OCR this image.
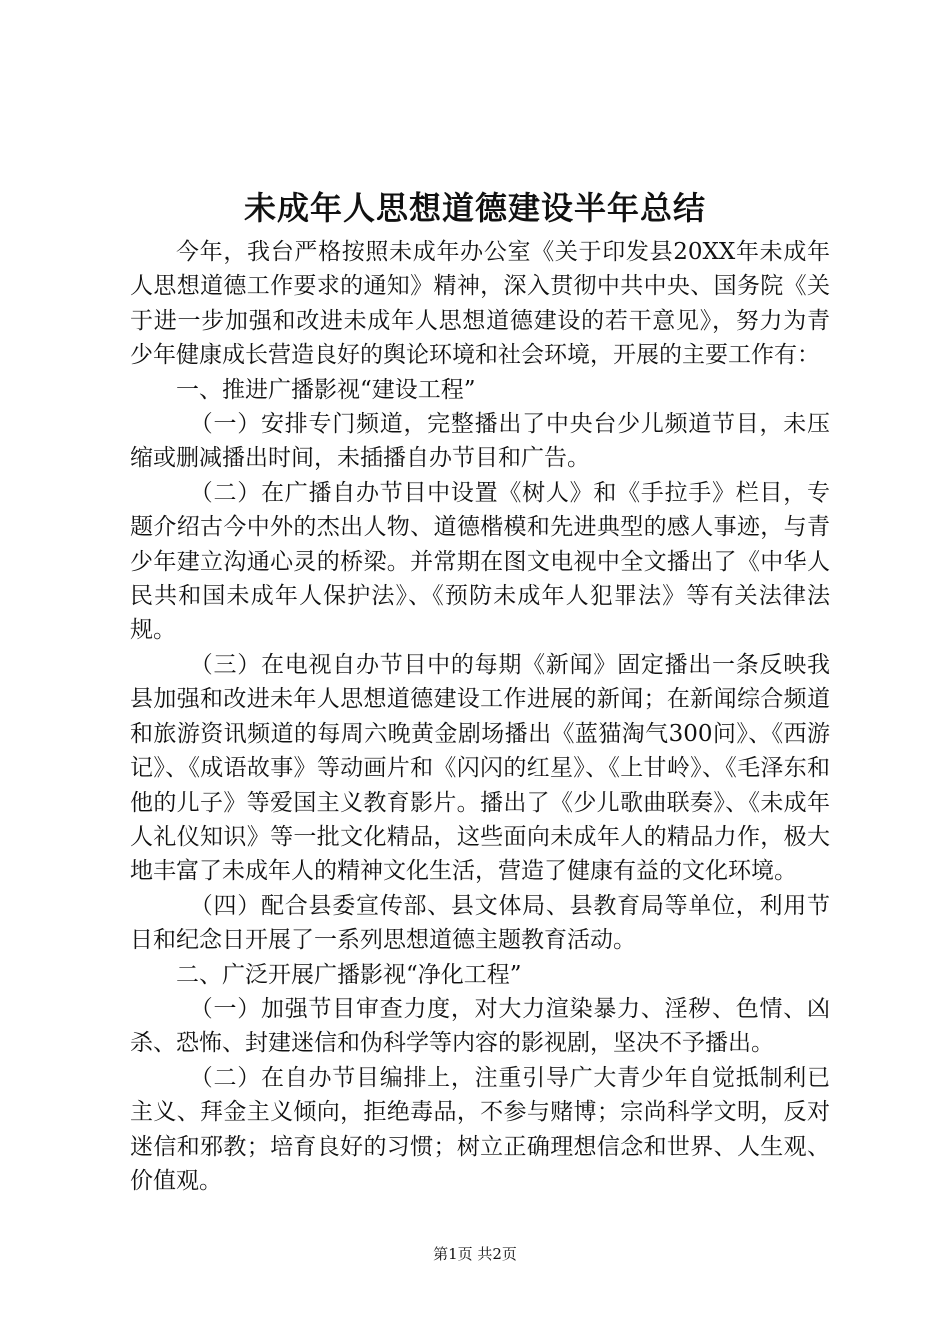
未成年人思想道德建设半年总结

今年，我台严格按照未成年办公室《关于印发县20XX年未成年人思想道德工作要求的通知》精神，深入贯彻中共中央、国务院《关于进一步加强和改进未成年人思想道德建设的若干意见》，努力为青少年健康成长营造良好的舆论环境和社会环境，开展的主要工作有：

一、推进广播影视“建设工程”

（一）安排专门频道，完整播出了中央台少儿频道节目，未压缩或删减播出时间，未插播自办节目和广告。

（二）在广播自办节目中设置《树人》和《手拉手》栏目，专题介绍古今中外的杰出人物、道德楷模和先进典型的感人事迹，与青少年建立沟通心灵的桥梁。并常期在图文电视中全文播出了《中华人民共和国未成年人保护法》、《预防未成年人犯罪法》等有关法律法规。

（三）在电视自办节目中的每期《新闻》固定播出一条反映我县加强和改进未年人思想道德建设工作进展的新闻；在新闻综合频道和旅游资讯频道的每周六晚黄金剧场播出《蓝猫淘气300问》、《西游记》、《成语故事》等动画片和《闪闪的红星》、《上甘岭》、《毛泽东和他的儿子》等爱国主义教育影片。播出了《少儿歌曲联奏》、《未成年人礼仪知识》等一批文化精品，这些面向未成年人的精品力作，极大地丰富了未成年人的精神文化生活，营造了健康有益的文化环境。

（四）配合县委宣传部、县文体局、县教育局等单位，利用节日和纪念日开展了一系列思想道德主题教育活动。

二、广泛开展广播影视“净化工程”

（一）加强节目审查力度，对大力渲染暴力、淫秽、色情、凶杀、恐怖、封建迷信和伪科学等内容的影视剧，坚决不予播出。

（二）在自办节目编排上，注重引导广大青少年自觉抵制利已主义、拜金主义倾向，拒绝毒品，不参与赌博；宗尚科学文明，反对迷信和邪教；培育良好的习惯；树立正确理想信念和世界、人生观、价值观。

第1页 共2页
